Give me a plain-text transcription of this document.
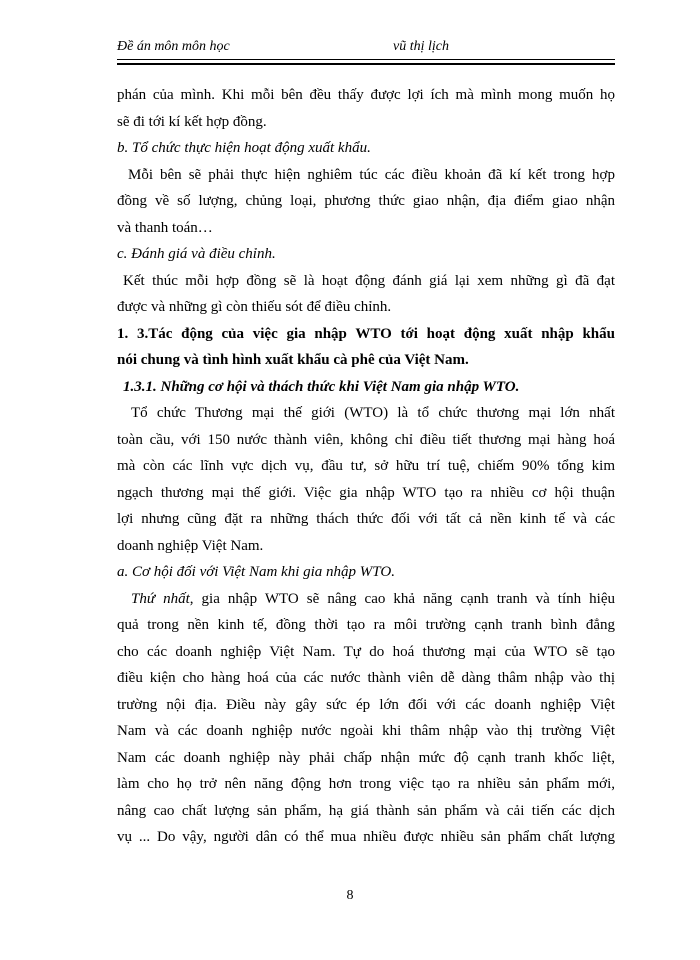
Đề án môn môn học	vũ thị lịch
phán của mình. Khi mỗi bên đều thấy được lợi ích mà mình mong muốn họ
sẽ đi tới kí kết hợp đồng.
b. Tổ chức thực hiện hoạt động xuất khẩu.
Mỗi bên sẽ phải thực hiện nghiêm túc các điều khoản đã kí kết trong hợp
đồng về số lượng, chủng loại, phương thức giao nhận, địa điểm giao nhận
và thanh toán…
c. Đánh giá và điều chỉnh.
Kết thúc mỗi hợp đồng sẽ là hoạt động đánh giá lại xem những gì đã đạt
được và những gì còn thiếu sót để điều chỉnh.
1. 3.Tác động của việc gia nhập WTO tới hoạt động xuất nhập khẩu
nói chung và tình hình xuất khẩu cà phê của Việt Nam.
1.3.1. Những cơ hội và thách thức khi Việt Nam gia nhập WTO.
Tổ chức Thương mại thế giới (WTO) là tổ chức thương mại lớn nhất
toàn cầu, với 150 nước thành viên, không chỉ điều tiết thương mại hàng hoá
mà còn các lĩnh vực dịch vụ, đầu tư, sở hữu trí tuệ, chiếm 90% tổng kim
ngạch thương mại thế giới. Việc gia nhập WTO tạo ra nhiều cơ hội thuận
lợi nhưng cũng đặt ra những thách thức đối với tất cả nền kinh tế và các
doanh nghiệp Việt Nam.
a. Cơ hội đối với Việt Nam khi gia nhập WTO.
Thứ nhất, gia nhập WTO sẽ nâng cao khả năng cạnh tranh và tính hiệu
quả trong nền kinh tế, đồng thời tạo ra môi trường cạnh tranh bình đẳng
cho các doanh nghiệp Việt Nam. Tự do hoá thương mại của WTO sẽ tạo
điều kiện cho hàng hoá của các nước thành viên dễ dàng thâm nhập vào thị
trường nội địa. Điều này gây sức ép lớn đối với các doanh nghiệp Việt
Nam và các doanh nghiệp nước ngoài khi thâm nhập vào thị trường Việt
Nam các doanh nghiệp này phải chấp nhận mức độ cạnh tranh khốc liệt,
làm cho họ trở nên năng động hơn trong việc tạo ra nhiều sản phẩm mới,
nâng cao chất lượng sản phẩm, hạ giá thành sản phẩm và cải tiến các dịch
vụ ... Do vậy, người dân có thể mua nhiều được nhiều sản phẩm chất lượng
8
